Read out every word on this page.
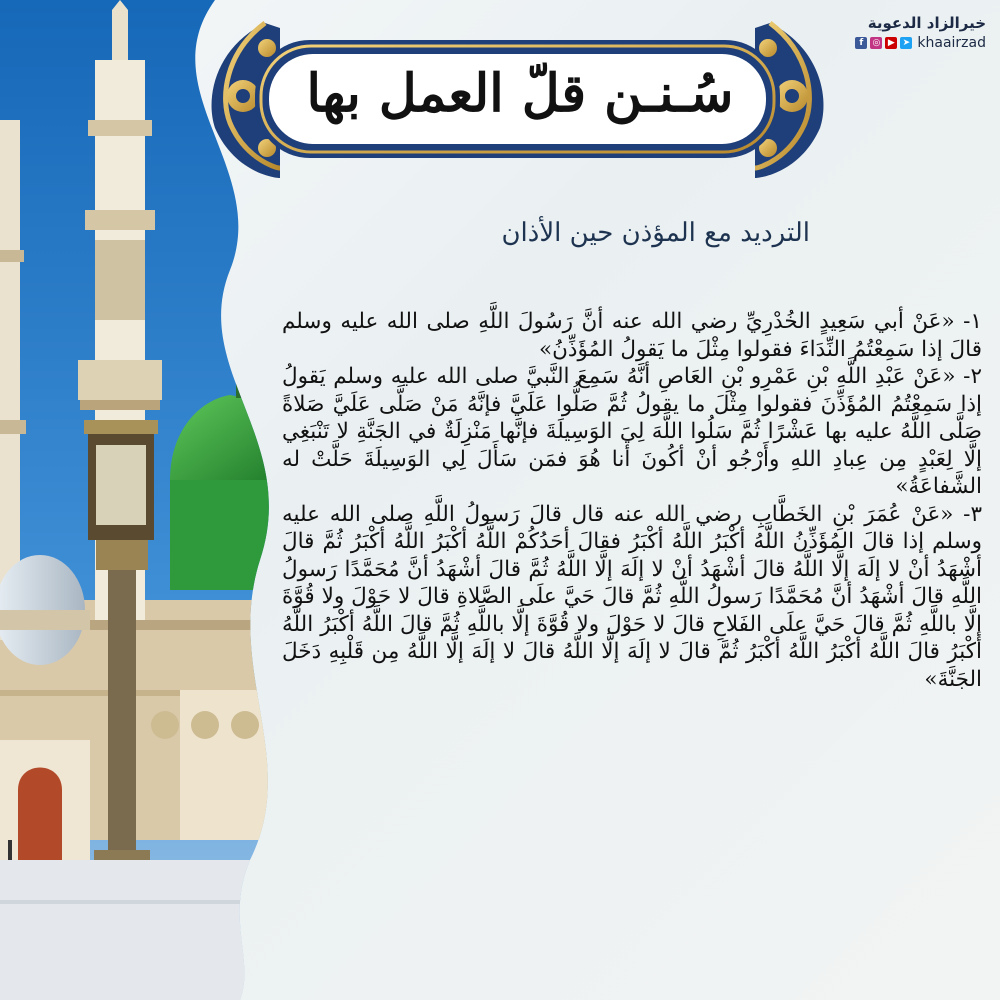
خيرالزاد الدعوية
f	◎ ▶ ➤ khaairzad
سُـنـن قلّ العمل بها
الترديد مع المؤذن حين الأذان

١- «عَنْ أبي سَعِيدٍ الخُدْرِيِّ رضي الله عنه أنَّ رَسُولَ اللَّهِ صلى الله عليه وسلم قالَ إذا سَمِعْتُمُ النِّدَاءَ فقولوا مِثْلَ ما يَقولُ المُؤَذِّنُ»

٢- «عَنْ عَبْدِ اللَّهِ بْنِ عَمْرِو بْنِ العَاصِ أنَّهُ سَمِعَ النَّبيَّ صلى الله عليه وسلم يَقولُ إذا سَمِعْتُمُ المُؤَذِّنَ فقولوا مِثْلَ ما يقولُ ثُمَّ صَلُّوا عَلَيَّ فإنَّهُ مَنْ صَلَّى عَلَيَّ صَلاةً صَلَّى اللَّهُ عليه بها عَشْرًا ثُمَّ سَلُوا اللَّهَ لِيَ الوَسِيلَةَ فإنَّها مَنْزِلَةٌ في الجَنَّةِ لا تَنْبَغِي إلَّا لِعَبْدٍ مِن عِبادِ اللهِ وأَرْجُو أنْ أكُونَ أنا هُوَ فمَن سَأَلَ لِي الوَسِيلَةَ حَلَّتْ له الشَّفاعَةُ»

٣- «عَنْ عُمَرَ بْنِ الخَطَّابِ رضي الله عنه قال قالَ رَسولُ اللَّهِ صلى الله عليه وسلم إذا قالَ المُؤَذِّنُ اللَّهُ أكْبَرُ اللَّهُ أكْبَرُ فقالَ أحَدُكُمْ اللَّهُ أكْبَرُ اللَّهُ أكْبَرُ ثُمَّ قالَ أشْهَدُ أنْ لا إلَهَ إلَّا اللَّهُ قالَ أشْهَدُ أنْ لا إلَهَ إلَّا اللَّهُ ثُمَّ قالَ أشْهَدُ أنَّ مُحَمَّدًا رَسولُ اللَّهِ قالَ أشْهَدُ أنَّ مُحَمَّدًا رَسولُ اللَّهِ ثُمَّ قالَ حَيَّ علَى الصَّلاةِ قالَ لا حَوْلَ ولا قُوَّةَ إلَّا باللَّهِ ثُمَّ قالَ حَيَّ علَى الفَلاحِ قالَ لا حَوْلَ ولا قُوَّةَ إلَّا باللَّهِ ثُمَّ قالَ اللَّهُ أكْبَرُ اللَّهُ أكْبَرُ قالَ اللَّهُ أكْبَرُ اللَّهُ أكْبَرُ ثُمَّ قالَ لا إلَهَ إلَّا اللَّهُ قالَ لا إلَهَ إلَّا اللَّهُ مِن قَلْبِهِ دَخَلَ الجَنَّةَ»
